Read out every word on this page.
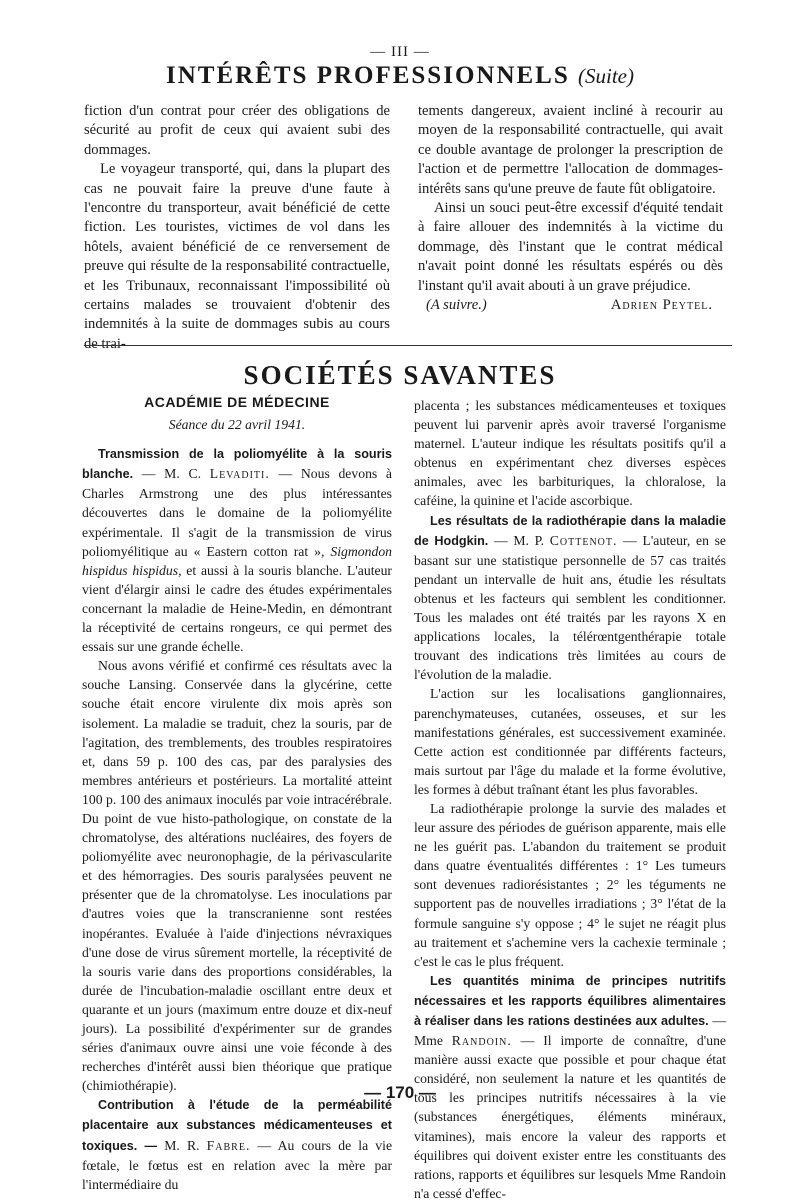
— III —
INTÉRÊTS PROFESSIONNELS (Suite)

fiction d'un contrat pour créer des obligations de sécurité au profit de ceux qui avaient subi des dommages.

Le voyageur transporté, qui, dans la plupart des cas ne pouvait faire la preuve d'une faute à l'encontre du transporteur, avait bénéficié de cette fiction. Les touristes, victimes de vol dans les hôtels, avaient bénéficié de ce renversement de preuve qui résulte de la responsabilité contractuelle, et les Tribunaux, reconnaissant l'impossibilité où certains malades se trouvaient d'obtenir des indemnités à la suite de dommages subis au cours de trai-

tements dangereux, avaient incliné à recourir au moyen de la responsabilité contractuelle, qui avait ce double avantage de prolonger la prescription de l'action et de permettre l'allocation de dommages-intérêts sans qu'une preuve de faute fût obligatoire.

Ainsi un souci peut-être excessif d'équité tendait à faire allouer des indemnités à la victime du dommage, dès l'instant que le contrat médical n'avait point donné les résultats espérés ou dès l'instant qu'il avait abouti à un grave préjudice.

(A suivre.)	Adrien Peytel.
SOCIÉTÉS SAVANTES
ACADÉMIE DE MÉDECINE
Séance du 22 avril 1941.

Transmission de la poliomyélite à la souris blanche. — M. C. Levaditi. — Nous devons à Charles Armstrong une des plus intéressantes découvertes dans le domaine de la poliomyélite expérimentale. Il s'agit de la transmission de virus poliomyélitique au « Eastern cotton rat », Sigmondon hispidus hispidus, et aussi à la souris blanche. L'auteur vient d'élargir ainsi le cadre des études expérimentales concernant la maladie de Heine-Medin, en démontrant la réceptivité de certains rongeurs, ce qui permet des essais sur une grande échelle.

Nous avons vérifié et confirmé ces résultats avec la souche Lansing. Conservée dans la glycérine, cette souche était encore virulente dix mois après son isolement. La maladie se traduit, chez la souris, par de l'agitation, des tremblements, des troubles respiratoires et, dans 59 p. 100 des cas, par des paralysies des membres antérieurs et postérieurs. La mortalité atteint 100 p. 100 des animaux inoculés par voie intracérébrale. Du point de vue histo-pathologique, on constate de la chromatolyse, des altérations nucléaires, des foyers de poliomyélite avec neuronophagie, de la périvascularite et des hémorragies. Des souris paralysées peuvent ne présenter que de la chromatolyse. Les inoculations par d'autres voies que la transcranienne sont restées inopérantes. Evaluée à l'aide d'injections névraxiques d'une dose de virus sûrement mortelle, la réceptivité de la souris varie dans des proportions considérables, la durée de l'incubation-maladie oscillant entre deux et quarante et un jours (maximum entre douze et dix-neuf jours). La possibilité d'expérimenter sur de grandes séries d'animaux ouvre ainsi une voie féconde à des recherches d'intérêt aussi bien théorique que pratique (chimiothérapie).

Contribution à l'étude de la perméabilité placentaire aux substances médicamenteuses et toxiques. — M. R. Fabre. — Au cours de la vie fœtale, le fœtus est en relation avec la mère par l'intermédiaire du

placenta ; les substances médicamenteuses et toxiques peuvent lui parvenir après avoir traversé l'organisme maternel. L'auteur indique les résultats positifs qu'il a obtenus en expérimentant chez diverses espèces animales, avec les barbituriques, la chloralose, la caféine, la quinine et l'acide ascorbique.

Les résultats de la radiothérapie dans la maladie de Hodgkin. — M. P. Cottenot. — L'auteur, en se basant sur une statistique personnelle de 57 cas traités pendant un intervalle de huit ans, étudie les résultats obtenus et les facteurs qui semblent les conditionner. Tous les malades ont été traités par les rayons X en applications locales, la télérœntgenthérapie totale trouvant des indications très limitées au cours de l'évolution de la maladie.

L'action sur les localisations ganglionnaires, parenchymateuses, cutanées, osseuses, et sur les manifestations générales, est successivement examinée. Cette action est conditionnée par différents facteurs, mais surtout par l'âge du malade et la forme évolutive, les formes à début traînant étant les plus favorables.

La radiothérapie prolonge la survie des malades et leur assure des périodes de guérison apparente, mais elle ne les guérit pas. L'abandon du traitement se produit dans quatre éventualités différentes : 1° Les tumeurs sont devenues radiorésistantes ; 2° les téguments ne supportent pas de nouvelles irradiations ; 3° l'état de la formule sanguine s'y oppose ; 4° le sujet ne réagit plus au traitement et s'achemine vers la cachexie terminale ; c'est le cas le plus fréquent.

Les quantités minima de principes nutritifs nécessaires et les rapports équilibres alimentaires à réaliser dans les rations destinées aux adultes. — Mme Randoin. — Il importe de connaître, d'une manière aussi exacte que possible et pour chaque état considéré, non seulement la nature et les quantités de tous les principes nutritifs nécessaires à la vie (substances énergétiques, éléments minéraux, vitamines), mais encore la valeur des rapports et équilibres qui doivent exister entre les constituants des rations, rapports et équilibres sur lesquels Mme Randoin n'a cessé d'effec-

— 170 —
